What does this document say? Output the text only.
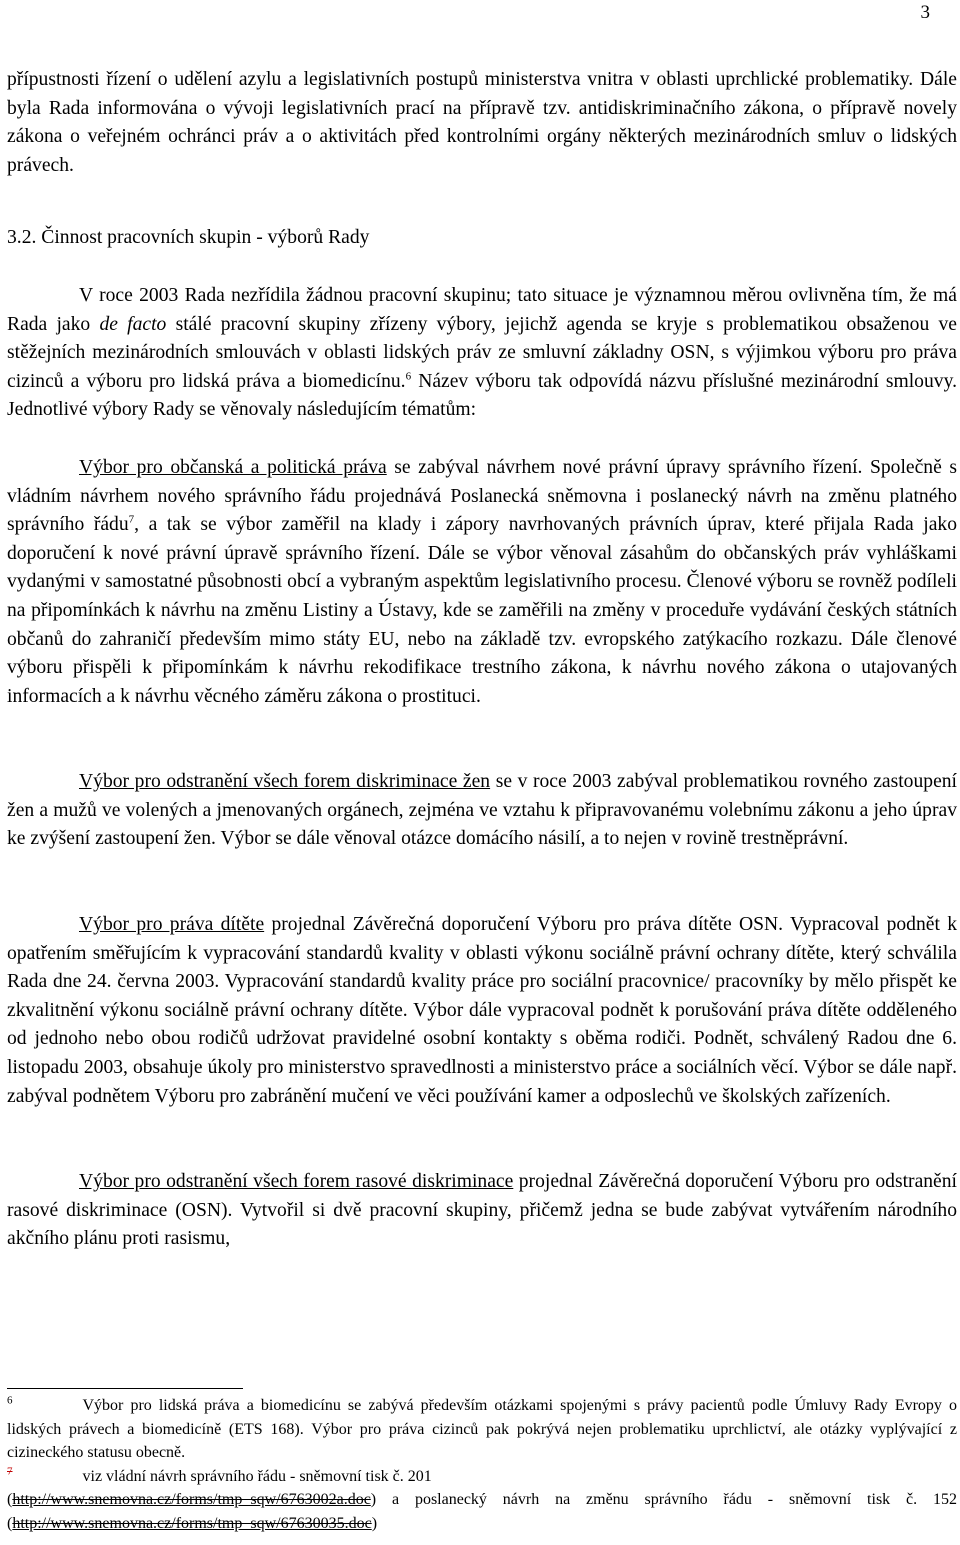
3

přípustnosti řízení o udělení azylu a legislativních postupů ministerstva vnitra v oblasti uprchlické problematiky. Dále byla Rada informována o vývoji legislativních prací na přípravě tzv. antidiskriminačního zákona, o přípravě novely zákona o veřejném ochránci práv a o aktivitách před kontrolními orgány některých mezinárodních smluv o lidských právech.

3.2. Činnost pracovních skupin - výborů Rady

V roce 2003 Rada nezřídila žádnou pracovní skupinu; tato situace je významnou měrou ovlivněna tím, že má Rada jako de facto stálé pracovní skupiny zřízeny výbory, jejichž agenda se kryje s problematikou obsaženou ve stěžejních mezinárodních smlouvách v oblasti lidských práv ze smluvní základny OSN, s výjimkou výboru pro práva cizinců a výboru pro lidská práva a biomedicínu.$^6$ Název výboru tak odpovídá názvu příslušné mezinárodní smlouvy. Jednotlivé výbory Rady se věnovaly následujícím tématům:

Výbor pro občanská a politická práva se zabýval návrhem nové právní úpravy správního řízení. Společně s vládním návrhem nového správního řádu projednává Poslanecká sněmovna i poslanecký návrh na změnu platného správního řádu$^7$, a tak se výbor zaměřil na klady i zápory navrhovaných právních úprav, které přijala Rada jako doporučení k nové právní úpravě správního řízení. Dále se výbor věnoval zásahům do občanských práv vyhláškami vydanými v samostatné působnosti obcí a vybraným aspektům legislativního procesu. Členové výboru se rovněž podíleli na připomínkách k návrhu na změnu Listiny a Ústavy, kde se zaměřili na změny v proceduře vydávání českých státních občanů do zahraničí především mimo státy EU, nebo na základě tzv. evropského zatýkacího rozkazu. Dále členové výboru přispěli k připomínkám k návrhu rekodifikace trestního zákona, k návrhu nového zákona o utajovaných informacích a k návrhu věcného záměru zákona o prostituci.

Výbor pro odstranění všech forem diskriminace žen se v roce 2003 zabýval problematikou rovného zastoupení žen a mužů ve volených a jmenovaných orgánech, zejména ve vztahu k připravovanému volebnímu zákonu a jeho úprav ke zvýšení zastoupení žen. Výbor se dále věnoval otázce domácího násilí, a to nejen v rovině trestněprávní.

Výbor pro práva dítěte projednal Závěrečná doporučení Výboru pro práva dítěte OSN. Vypracoval podnět k opatřením směřujícím k vypracování standardů kvality v oblasti výkonu sociálně právní ochrany dítěte, který schválila Rada dne 24. června 2003. Vypracování standardů kvality práce pro sociální pracovnice/ pracovníky by mělo přispět ke zkvalitnění výkonu sociálně právní ochrany dítěte. Výbor dále vypracoval podnět k porušování práva dítěte odděleného od jednoho nebo obou rodičů udržovat pravidelné osobní kontakty s oběma rodiči. Podnět, schválený Radou dne 6. listopadu 2003, obsahuje úkoly pro ministerstvo spravedlnosti a ministerstvo práce a sociálních věcí. Výbor se dále např. zabýval podnětem Výboru pro zabránění mučení ve věci používání kamer a odposlechů ve školských zařízeních.

Výbor pro odstranění všech forem rasové diskriminace projednal Závěrečná doporučení Výboru pro odstranění rasové diskriminace (OSN). Vytvořil si dvě pracovní skupiny, přičemž jedna se bude zabývat vytvářením národního akčního plánu proti rasismu,

$^6$	Výbor pro lidská práva a biomedicínu se zabývá především otázkami spojenými s právy pacientů podle Úmluvy Rady Evropy o lidských právech a biomedicíně (ETS 168). Výbor pro práva cizinců pak pokrývá nejen problematiku uprchlictví, ale otázky vyplývající z cizineckého statusu obecně.

$^7$	viz vládní návrh správního řádu - sněmovní tisk č. 201
(http://www.snemovna.cz/forms/tmp_sqw/6763002a.doc) a poslanecký návrh na změnu správního řádu - sněmovní tisk č. 152 (http://www.snemovna.cz/forms/tmp_sqw/67630035.doc)
